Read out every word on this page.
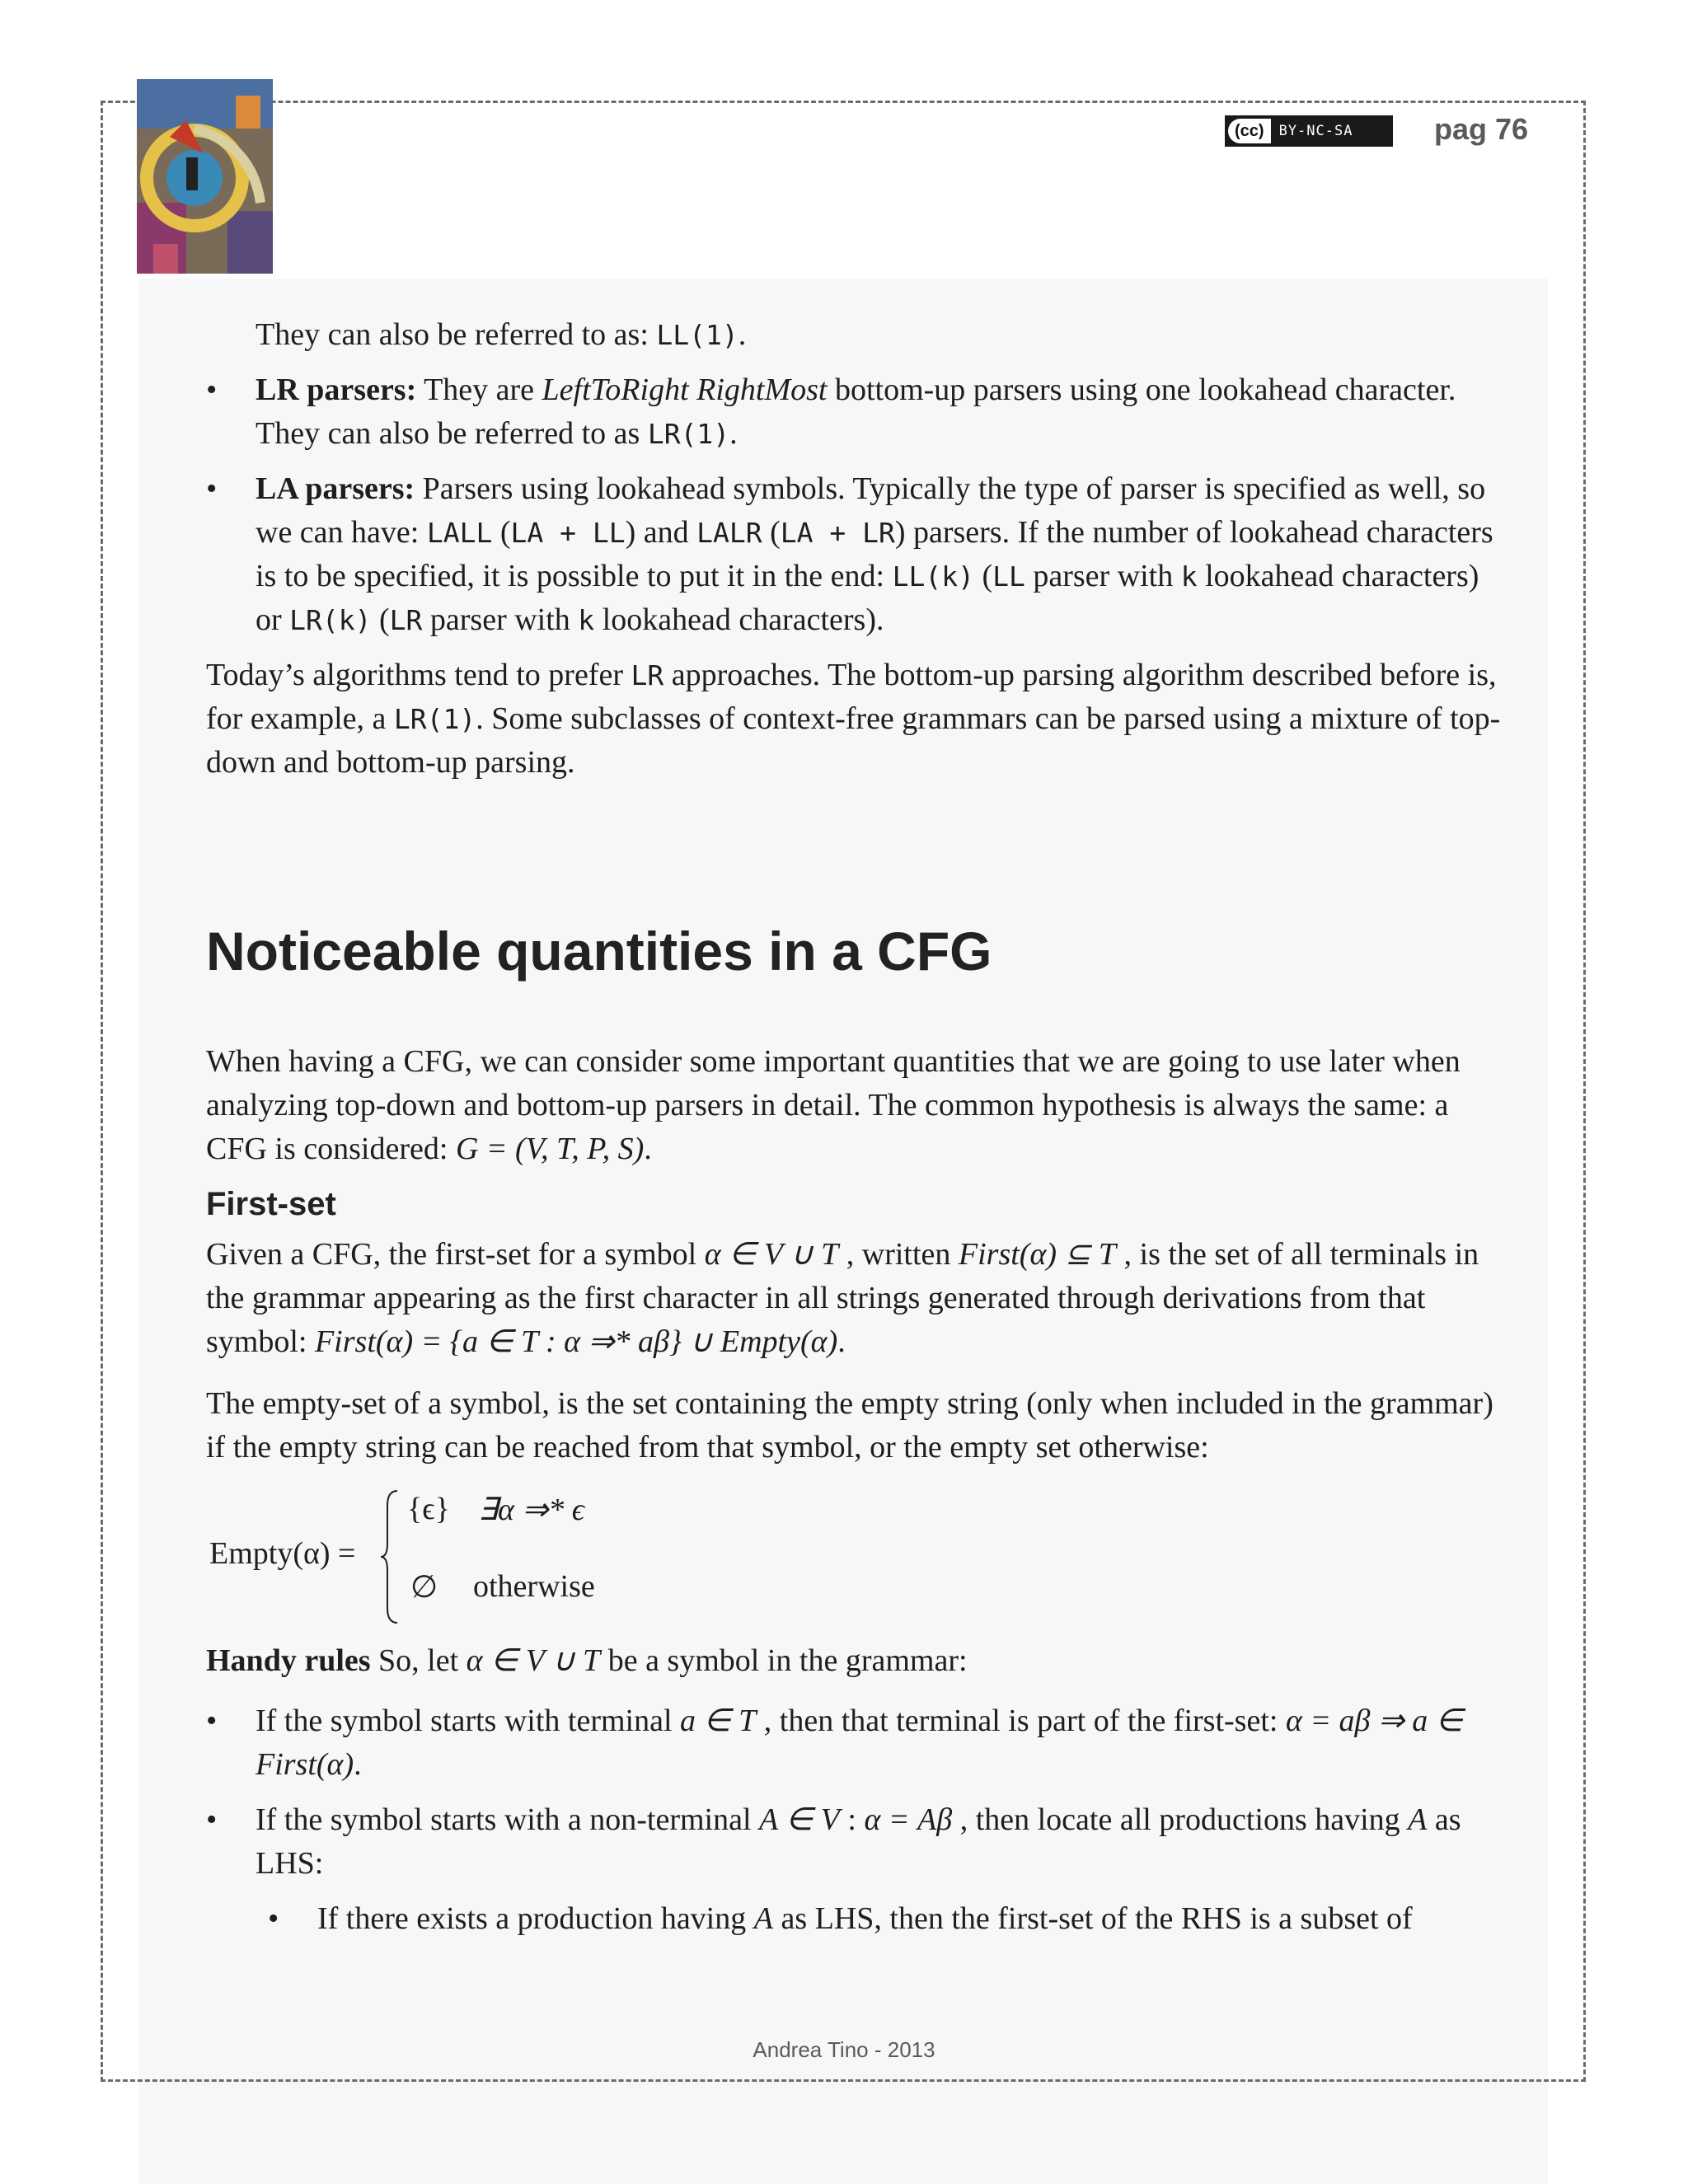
(cc)	BY-NC-SA	pag 76

They can also be referred to as: LL(1).

• LR parsers: They are LeftToRight RightMost bottom-up parsers using one lookahead character. They can also be referred to as LR(1).

• LA parsers: Parsers using lookahead symbols. Typically the type of parser is specified as well, so we can have: LALL (LA + LL) and LALR (LA + LR) parsers. If the number of lookahead characters is to be specified, it is possible to put it in the end: LL(k) (LL parser with k lookahead characters) or LR(k) (LR parser with k lookahead characters).

Today’s algorithms tend to prefer LR approaches. The bottom-up parsing algorithm described before is, for example, a LR(1). Some subclasses of context-free grammars can be parsed using a mixture of top-down and bottom-up parsing.

Noticeable quantities in a CFG

When having a CFG, we can consider some important quantities that we are going to use later when analyzing top-down and bottom-up parsers in detail. The common hypothesis is always the same: a CFG is considered: G = (V, T, P, S).

First-set

Given a CFG, the first-set for a symbol α ∈ V ∪ T , written First(α) ⊆ T , is the set of all terminals in the grammar appearing as the first character in all strings generated through derivations from that symbol: First(α) = {a ∈ T : α ⇒* aβ} ∪ Empty(α).

The empty-set of a symbol, is the set containing the empty string (only when included in the grammar) if the empty string can be reached from that symbol, or the empty set otherwise:

Empty(α) =
{ϵ} ∃α ⇒* ϵ
∅ otherwise

Handy rules So, let α ∈ V ∪ T be a symbol in the grammar:

• If the symbol starts with terminal a ∈ T , then that terminal is part of the first-set: α = aβ ⇒ a ∈ First(α).

• If the symbol starts with a non-terminal A ∈ V : α = Aβ , then locate all productions having A as LHS:

• If there exists a production having A as LHS, then the first-set of the RHS is a subset of

Andrea Tino - 2013
